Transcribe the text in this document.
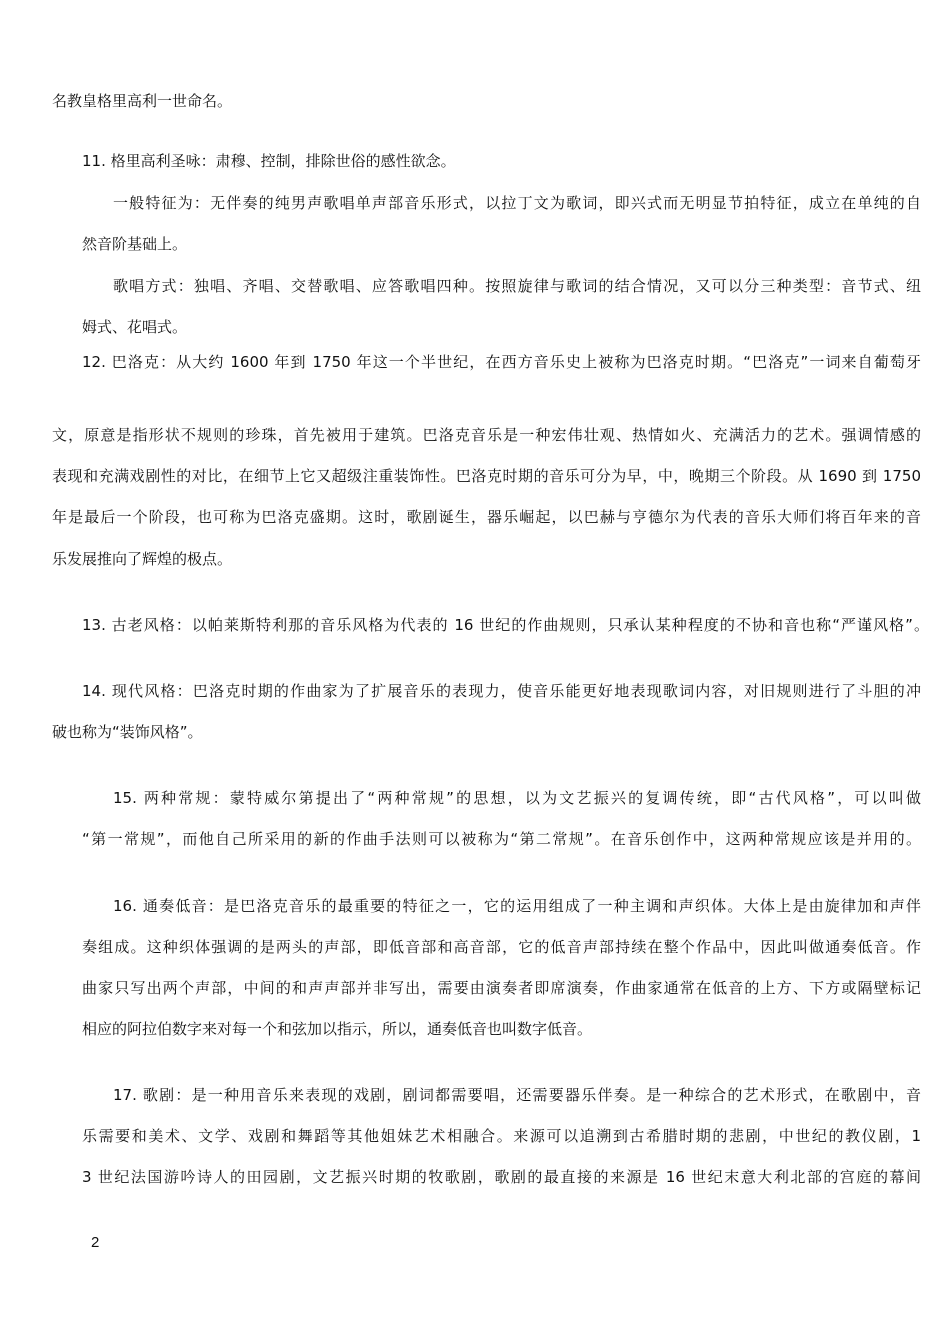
名教皇格里高利一世命名。

11. 格里高利圣咏：肃穆、控制，排除世俗的感性欲念。

一般特征为：无伴奏的纯男声歌唱单声部音乐形式，以拉丁文为歌词，即兴式而无明显节拍特征，成立在单纯的自

然音阶基础上。

歌唱方式：独唱、齐唱、交替歌唱、应答歌唱四种。按照旋律与歌词的结合情况，又可以分三种类型：音节式、纽

姆式、花唱式。

12. 巴洛克：从大约 1600 年到 1750 年这一个半世纪，在西方音乐史上被称为巴洛克时期。“巴洛克”一词来自葡萄牙

文，原意是指形状不规则的珍珠，首先被用于建筑。巴洛克音乐是一种宏伟壮观、热情如火、充满活力的艺术。强调情感的

表现和充满戏剧性的对比，在细节上它又超级注重装饰性。巴洛克时期的音乐可分为早，中，晚期三个阶段。从 1690 到 1750

年是最后一个阶段，也可称为巴洛克盛期。这时，歌剧诞生，器乐崛起，以巴赫与亨德尔为代表的音乐大师们将百年来的音

乐发展推向了辉煌的极点。

13. 古老风格：以帕莱斯特利那的音乐风格为代表的 16 世纪的作曲规则，只承认某种程度的不协和音也称“严谨风格”。

14. 现代风格：巴洛克时期的作曲家为了扩展音乐的表现力，使音乐能更好地表现歌词内容，对旧规则进行了斗胆的冲

破也称为“装饰风格”。

15. 两种常规：蒙特威尔第提出了“两种常规”的思想，以为文艺振兴的复调传统，即“古代风格”，可以叫做

“第一常规”，而他自己所采用的新的作曲手法则可以被称为“第二常规”。在音乐创作中，这两种常规应该是并用的。

16. 通奏低音：是巴洛克音乐的最重要的特征之一，它的运用组成了一种主调和声织体。大体上是由旋律加和声伴

奏组成。这种织体强调的是两头的声部，即低音部和高音部，它的低音声部持续在整个作品中，因此叫做通奏低音。作

曲家只写出两个声部，中间的和声声部并非写出，需要由演奏者即席演奏，作曲家通常在低音的上方、下方或隔壁标记

相应的阿拉伯数字来对每一个和弦加以指示，所以，通奏低音也叫数字低音。

17. 歌剧：是一种用音乐来表现的戏剧，剧词都需要唱，还需要器乐伴奏。是一种综合的艺术形式，在歌剧中，音

乐需要和美术、文学、戏剧和舞蹈等其他姐妹艺术相融合。来源可以追溯到古希腊时期的悲剧，中世纪的教仪剧，1

3 世纪法国游吟诗人的田园剧，文艺振兴时期的牧歌剧，歌剧的最直接的来源是 16 世纪末意大利北部的宫庭的幕间

2
